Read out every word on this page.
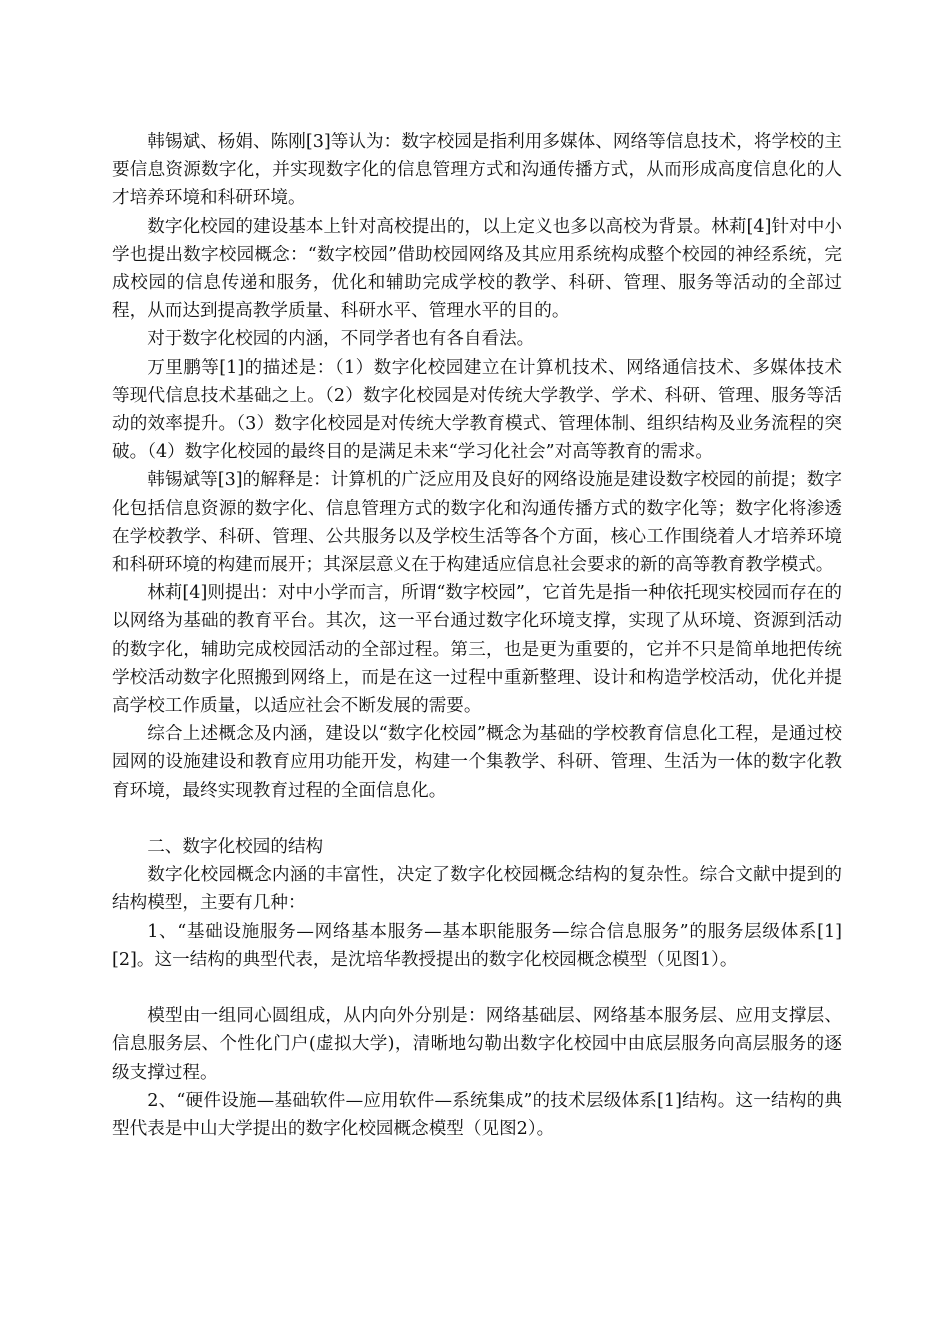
韩锡斌、杨娟、陈刚[3]等认为：数字校园是指利用多媒体、网络等信息技术，将学校的主要信息资源数字化，并实现数字化的信息管理方式和沟通传播方式，从而形成高度信息化的人才培养环境和科研环境。

数字化校园的建设基本上针对高校提出的，以上定义也多以高校为背景。林莉[4]针对中小学也提出数字校园概念：“数字校园”借助校园网络及其应用系统构成整个校园的神经系统，完成校园的信息传递和服务，优化和辅助完成学校的教学、科研、管理、服务等活动的全部过程，从而达到提高教学质量、科研水平、管理水平的目的。

对于数字化校园的内涵，不同学者也有各自看法。

万里鹏等[1]的描述是：（1）数字化校园建立在计算机技术、网络通信技术、多媒体技术等现代信息技术基础之上。（2）数字化校园是对传统大学教学、学术、科研、管理、服务等活动的效率提升。（3）数字化校园是对传统大学教育模式、管理体制、组织结构及业务流程的突破。（4）数字化校园的最终目的是满足未来“学习化社会”对高等教育的需求。

韩锡斌等[3]的解释是：计算机的广泛应用及良好的网络设施是建设数字校园的前提；数字化包括信息资源的数字化、信息管理方式的数字化和沟通传播方式的数字化等；数字化将渗透在学校教学、科研、管理、公共服务以及学校生活等各个方面，核心工作围绕着人才培养环境和科研环境的构建而展开；其深层意义在于构建适应信息社会要求的新的高等教育教学模式。

林莉[4]则提出：对中小学而言，所谓“数字校园”，它首先是指一种依托现实校园而存在的以网络为基础的教育平台。其次，这一平台通过数字化环境支撑，实现了从环境、资源到活动的数字化，辅助完成校园活动的全部过程。第三，也是更为重要的，它并不只是简单地把传统学校活动数字化照搬到网络上，而是在这一过程中重新整理、设计和构造学校活动，优化并提高学校工作质量，以适应社会不断发展的需要。

综合上述概念及内涵，建设以“数字化校园”概念为基础的学校教育信息化工程，是通过校园网的设施建设和教育应用功能开发，构建一个集教学、科研、管理、生活为一体的数字化教育环境，最终实现教育过程的全面信息化。

二、数字化校园的结构

数字化校园概念内涵的丰富性，决定了数字化校园概念结构的复杂性。综合文献中提到的结构模型，主要有几种：

1、“基础设施服务—网络基本服务—基本职能服务—综合信息服务”的服务层级体系[1] [2]。这一结构的典型代表，是沈培华教授提出的数字化校园概念模型（见图1）。

模型由一组同心圆组成，从内向外分别是：网络基础层、网络基本服务层、应用支撑层、信息服务层、个性化门户(虚拟大学)，清晰地勾勒出数字化校园中由底层服务向高层服务的逐级支撑过程。

2、“硬件设施—基础软件—应用软件—系统集成”的技术层级体系[1]结构。这一结构的典型代表是中山大学提出的数字化校园概念模型（见图2）。
